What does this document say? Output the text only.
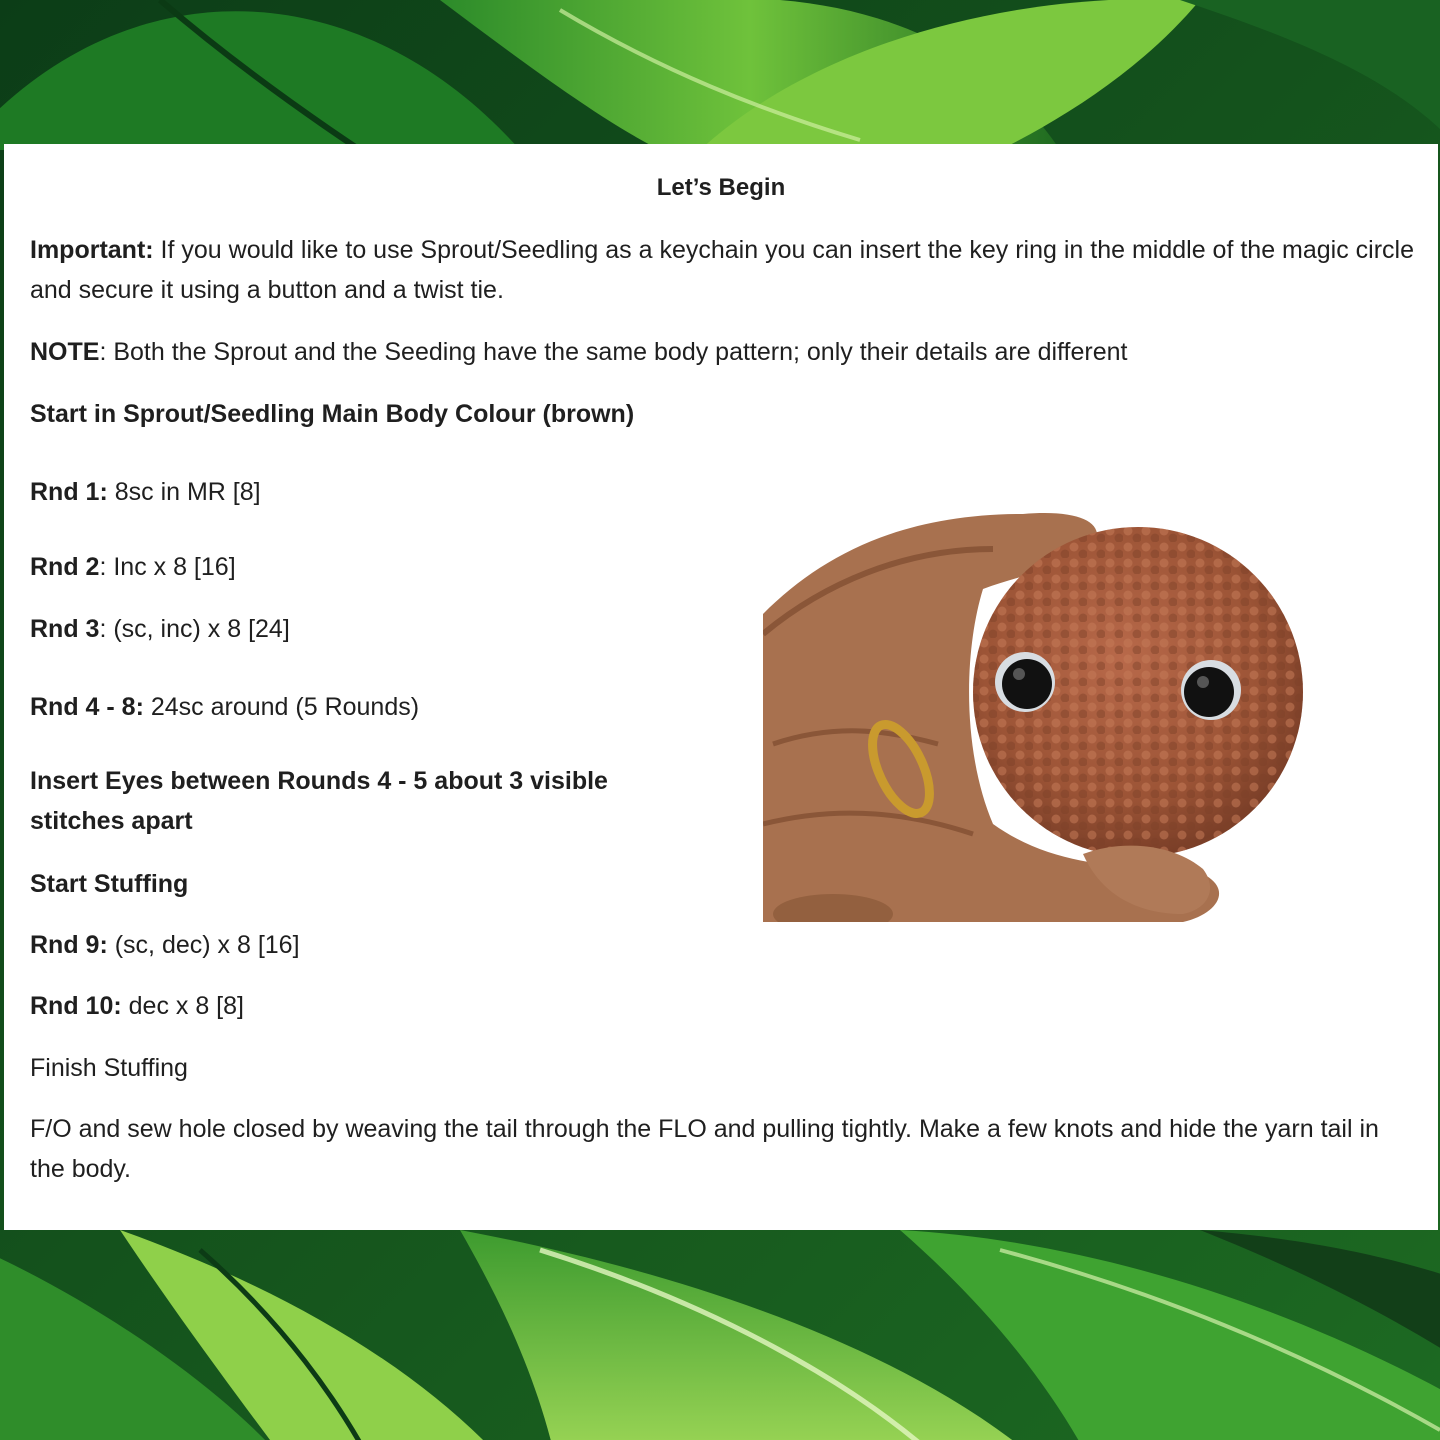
Let’s Begin

Important: If you would like to use Sprout/Seedling as a keychain you can insert the key ring in the middle of the magic circle and secure it using a button and a twist tie.

NOTE: Both the Sprout and the Seeding have the same body pattern; only their details are different

Start in Sprout/Seedling Main Body Colour (brown)

Rnd 1: 8sc in MR [8]

Rnd 2: Inc x 8 [16]

Rnd 3: (sc, inc) x 8 [24]

Rnd 4 - 8: 24sc around (5 Rounds)

Insert Eyes between Rounds 4 - 5 about 3 visible stitches apart

Start Stuffing

Rnd 9: (sc, dec) x 8 [16]

Rnd 10: dec x 8 [8]

Finish Stuffing

F/O and sew hole closed by weaving the tail through the FLO and pulling tightly. Make a few knots and hide the yarn tail in the body.
